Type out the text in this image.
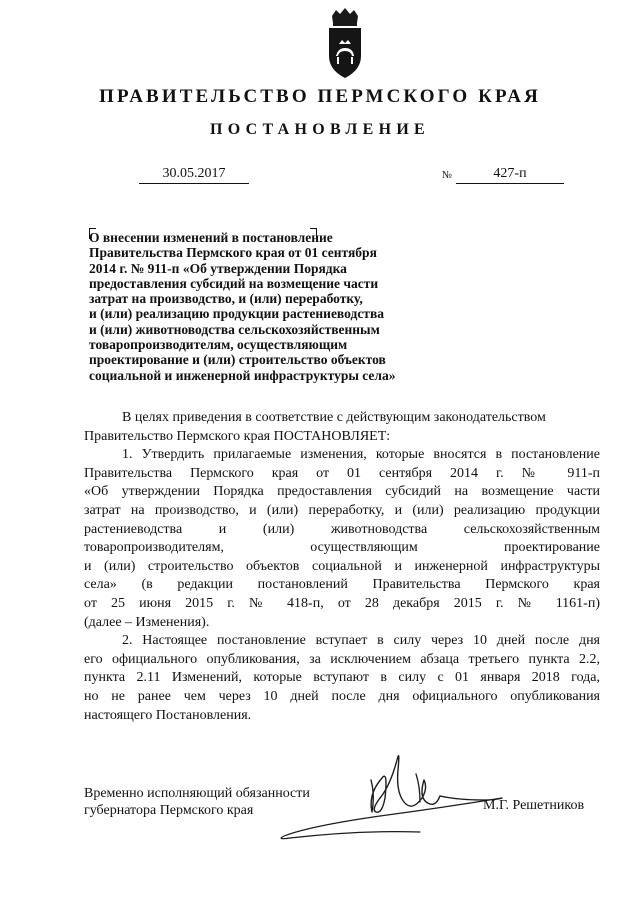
ПРАВИТЕЛЬСТВО ПЕРМСКОГО КРАЯ
ПОСТАНОВЛЕНИЕ
30.05.2017	№	427-п
О внесении изменений в постановление
Правительства Пермского края от 01 сентября
2014 г. № 911-п «Об утверждении Порядка
предоставления субсидий на возмещение части
затрат на производство, и (или) переработку,
и (или) реализацию продукции растениеводства
и (или) животноводства сельскохозяйственным
товаропроизводителям, осуществляющим
проектирование и (или) строительство объектов
социальной и инженерной инфраструктуры села»
В целях приведения в соответствие с действующим законодательством
Правительство Пермского края ПОСТАНОВЛЯЕТ:
1. Утвердить прилагаемые изменения, которые вносятся в постановление
Правительства Пермского края от 01 сентября 2014 г. № 911-п
«Об утверждении Порядка предоставления субсидий на возмещение части
затрат на производство, и (или) переработку, и (или) реализацию продукции
растениеводства и (или) животноводства сельскохозяйственным
товаропроизводителям, осуществляющим проектирование
и (или) строительство объектов социальной и инженерной инфраструктуры
села» (в редакции постановлений Правительства Пермского края
от 25 июня 2015 г. № 418-п, от 28 декабря 2015 г. № 1161-п)
(далее – Изменения).
2. Настоящее постановление вступает в силу через 10 дней после дня
его официального опубликования, за исключением абзаца третьего пункта 2.2,
пункта 2.11 Изменений, которые вступают в силу с 01 января 2018 года,
но не ранее чем через 10 дней после дня официального опубликования
настоящего Постановления.
Временно исполняющий обязанности
губернатора Пермского края	М.Г. Решетников
